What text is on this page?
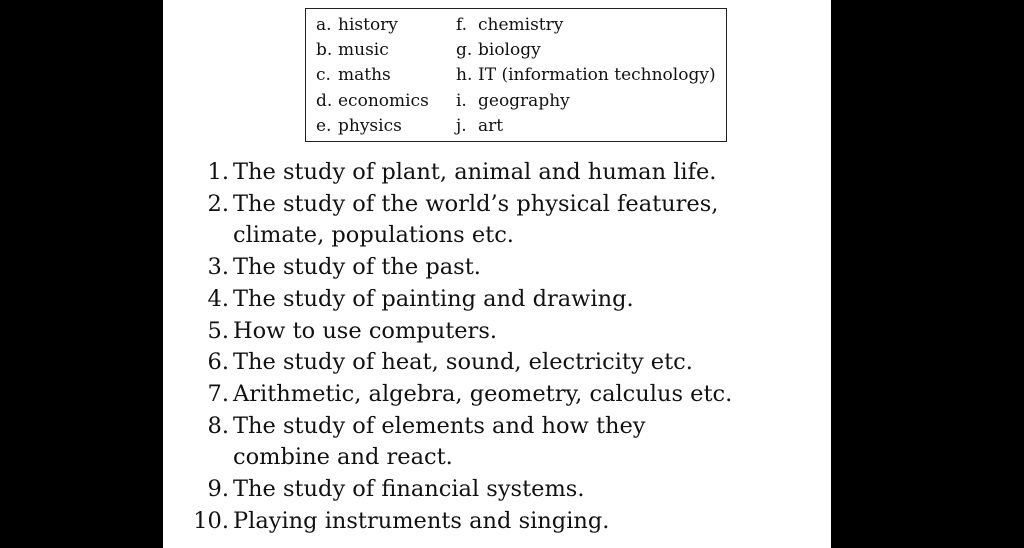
a. history
b. music
c. maths
d. economics
e. physics
f. chemistry
g. biology
h. IT (information technology)
i. geography
j. art
1. The study of plant, animal and human life.
2. The study of the world’s physical features,
climate, populations etc.
3. The study of the past.
4. The study of painting and drawing.
5. How to use computers.
6. The study of heat, sound, electricity etc.
7. Arithmetic, algebra, geometry, calculus etc.
8. The study of elements and how they
combine and react.
9. The study of financial systems.
10. Playing instruments and singing.
